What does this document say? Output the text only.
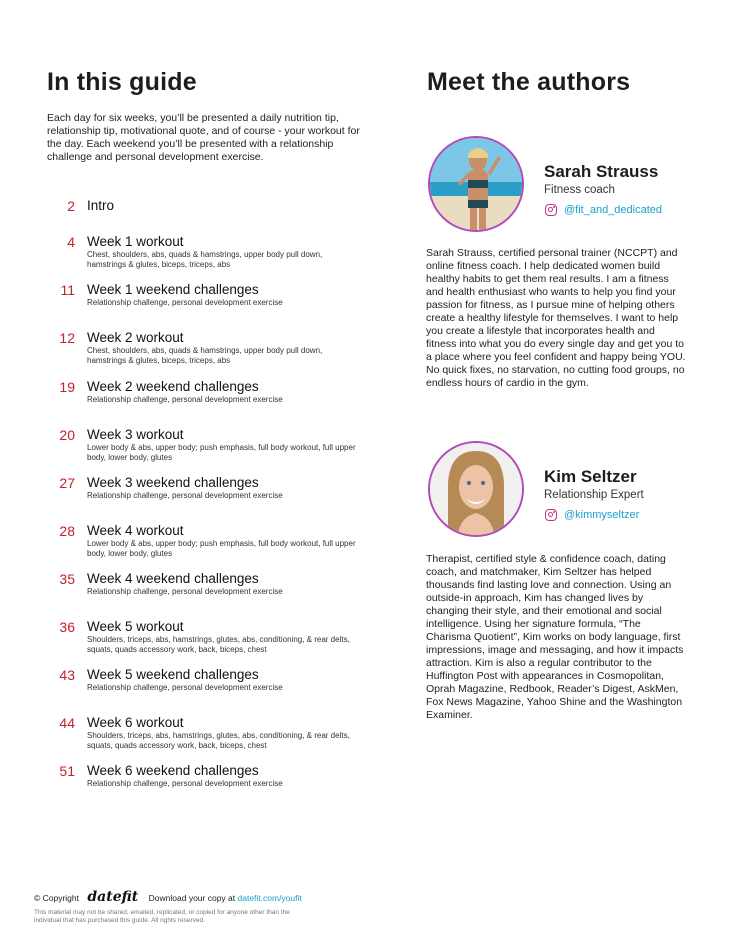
In this guide

Each day for six weeks, you’ll be presented a daily nutrition tip, relationship tip, motivational quote, and of course - your workout for the day. Each weekend you’ll be presented with a relationship challenge and personal development exercise.

2 Intro
4 Week 1 workout
Chest, shoulders, abs, quads & hamstrings, upper body pull down, hamstrings & glutes, biceps, triceps, abs
11 Week 1 weekend challenges
Relationship challenge, personal development exercise
12 Week 2 workout
Chest, shoulders, abs, quads & hamstrings, upper body pull down, hamstrings & glutes, biceps, triceps, abs
19 Week 2 weekend challenges
Relationship challenge, personal development exercise
20 Week 3 workout
Lower body & abs, upper body; push emphasis, full body workout, full upper body, lower body, glutes
27 Week 3 weekend challenges
Relationship challenge, personal development exercise
28 Week 4 workout
Lower body & abs, upper body; push emphasis, full body workout, full upper body, lower body, glutes
35 Week 4 weekend challenges
Relationship challenge, personal development exercise
36 Week 5 workout
Shoulders, triceps, abs, hamstrings, glutes, abs, conditioning, & rear delts, squats, quads accessory work, back, biceps, chest
43 Week 5 weekend challenges
Relationship challenge, personal development exercise
44 Week 6 workout
Shoulders, triceps, abs, hamstrings, glutes, abs, conditioning, & rear delts, squats, quads accessory work, back, biceps, chest
51 Week 6 weekend challenges
Relationship challenge, personal development exercise
Meet the authors
Sarah Strauss
Fitness coach
@fit_and_dedicated

Sarah Strauss, certified personal trainer (NCCPT) and online fitness coach. I help dedicated women build healthy habits to get them real results. I am a fitness and health enthusiast who wants to help you find your passion for fitness, as I pursue mine of helping others create a healthy lifestyle for themselves. I want to help you create a lifestyle that incorporates health and fitness into what you do every single day and get you to a place where you feel confident and happy being YOU. No quick fixes, no starvation, no cutting food groups, no endless hours of cardio in the gym.

Kim Seltzer
Relationship Expert
@kimmyseltzer

Therapist, certified style & confidence coach, dating coach, and matchmaker, Kim Seltzer has helped thousands find lasting love and connection. Using an outside-in approach, Kim has changed lives by changing their style, and their emotional and social intelligence. Using her signature formula, “The Charisma Quotient”, Kim works on body language, first impressions, image and messaging, and how it impacts attraction. Kim is also a regular contributor to the Huffington Post with appearances in Cosmopolitan, Oprah Magazine, Redbook, Reader’s Digest, AskMen, Fox News Magazine, Yahoo Shine and the Washington Examiner.

© Copyright datefit Download your copy at datefit.com/youfit

This material may not be shared, emailed, replicated, or copied for anyone other than the individual that has purchased this guide. All rights reserved.
